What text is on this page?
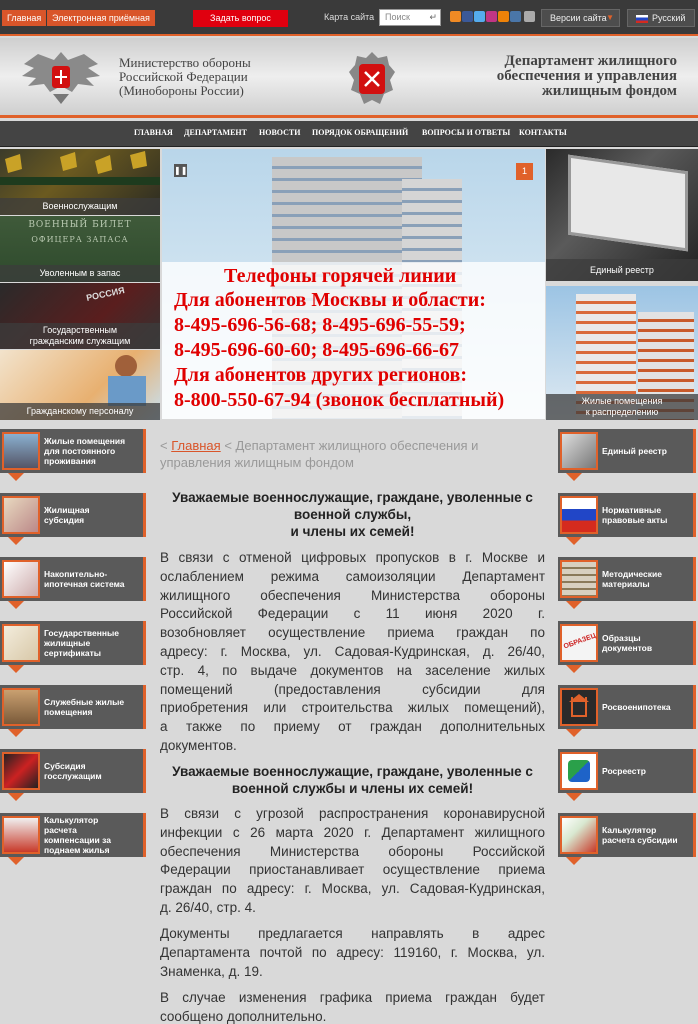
Главная	Электронная приёмная	Задать вопрос	Карта сайта	Поиск ↵	Версии сайта ▼	Русский
Министерство обороны
Российской Федерации
(Минобороны России)
Департамент жилищного
обеспечения и управления
жилищным фондом
ГЛАВНАЯ ДЕПАРТАМЕНТ НОВОСТИ ПОРЯДОК ОБРАЩЕНИЙ ВОПРОСЫ И ОТВЕТЫ КОНТАКТЫ
Военнослужащим
ВОЕННЫЙ БИЛЕТ
ОФИЦЕРА ЗАПАСА
Уволенным в запас
РОССИЯ
Государственным
гражданским служащим
Гражданскому персоналу
Телефоны горячей линии
Для абонентов Москвы и области:
8-495-696-56-68; 8-495-696-55-59;
8-495-696-60-60; 8-495-696-66-67
Для абонентов других регионов:
8-800-550-67-94 (звонок бесплатный)
❚❚	1
Единый реестр
Жилые помещения
к распределению
Жилые помещения
для постоянного
проживания
Жилищная
субсидия
Накопительно-
ипотечная система
Государственные
жилищные
сертификаты
Служебные жилые
помещения
Субсидия
госслужащим
Калькулятор
расчета
компенсации за
поднаем жилья
Единый реестр
Нормативные
правовые акты
Методические
материалы
ОБРАЗЕЦ Образцы
документов
Росвоенипотека
Росреестр
Калькулятор
расчета субсидии
< Главная < Департамент жилищного обеспечения и
управления жилищным фондом
Уважаемые военнослужащие, граждане, уволенные с
военной службы,
и члены их семей!
В связи с отменой цифровых пропусков в г. Москве и
ослаблением режима самоизоляции Департамент
жилищного обеспечения Министерства обороны
Российской Федерации с 11 июня 2020 г.
возобновляет осуществление приема граждан по
адресу: г. Москва, ул. Садовая-Кудринская, д. 26/40,
стр. 4, по выдаче документов на заселение жилых
помещений (предоставления субсидии для
приобретения или строительства жилых помещений),
а также по приему от граждан дополнительных
документов.
Уважаемые военнослужащие, граждане, уволенные с
военной службы и члены их семей!
В связи с угрозой распространения коронавирусной
инфекции с 26 марта 2020 г. Департамент жилищного
обеспечения Министерства обороны Российской
Федерации приостанавливает осуществление приема
граждан по адресу: г. Москва, ул. Садовая-Кудринская,
д. 26/40, стр. 4.
Документы предлагается направлять в адрес
Департамента почтой по адресу: 119160, г. Москва, ул.
Знаменка, д. 19.
В случае изменения графика приема граждан будет
сообщено дополнительно.
